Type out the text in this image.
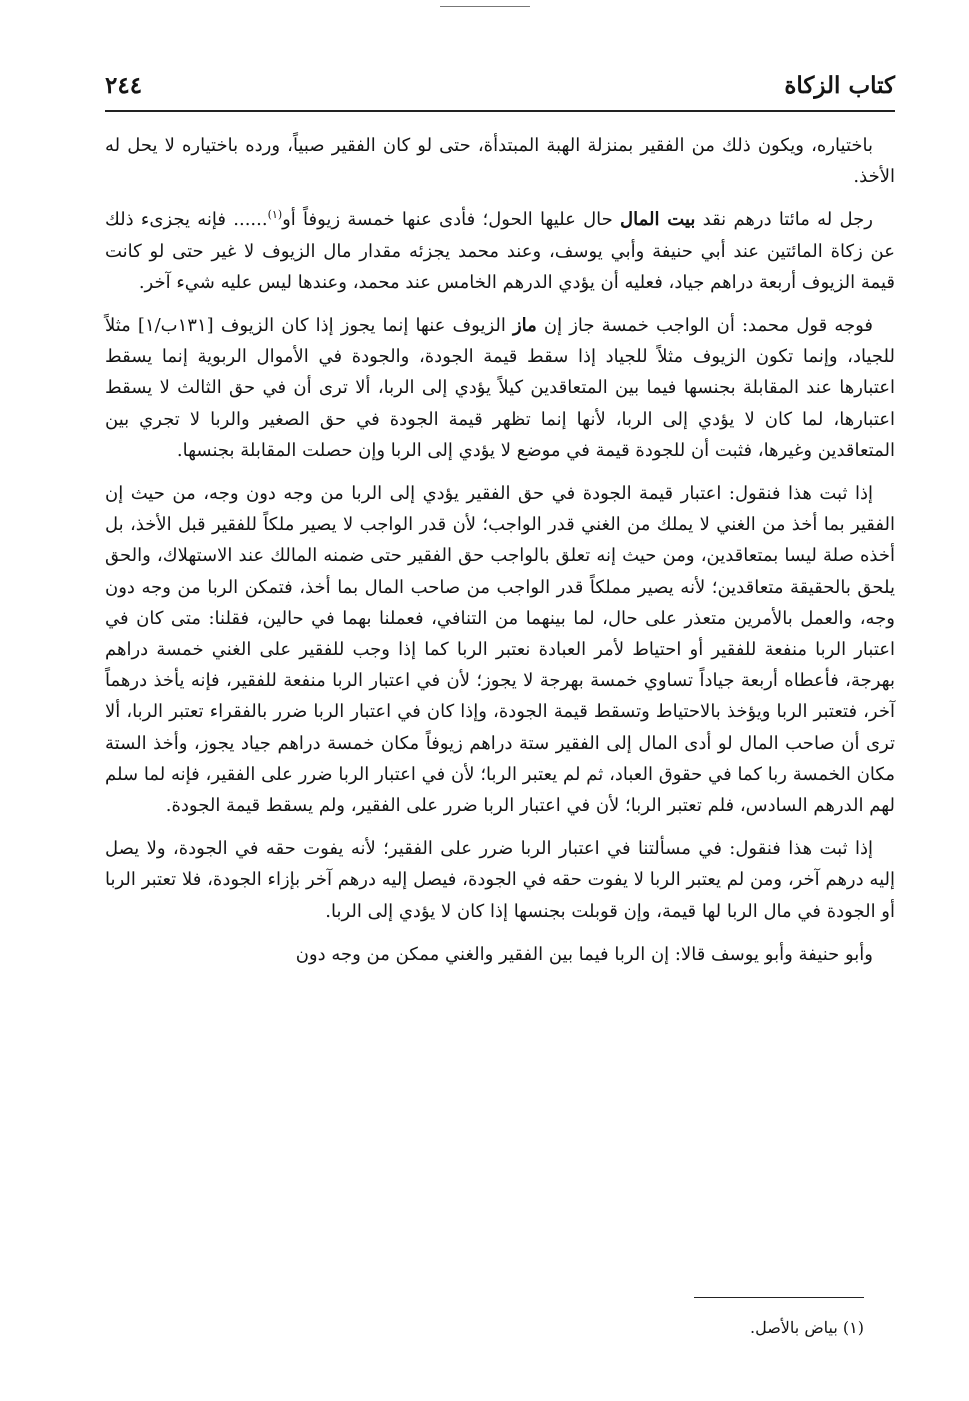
كتاب الزكاة
٢٤٤

باختياره، ويكون ذلك من الفقير بمنزلة الهبة المبتدأة، حتى لو كان الفقير صبياً، ورده باختياره لا يحل له الأخذ.

رجل له مائتا درهم نقد بيت المال حال عليها الحول؛ فأدى عنها خمسة زيوفاً أو$^{(١)}$...... فإنه يجزىء ذلك عن زكاة المائتين عند أبي حنيفة وأبي يوسف، وعند محمد يجزئه مقدار مال الزيوف لا غير حتى لو كانت قيمة الزيوف أربعة دراهم جياد، فعليه أن يؤدي الدرهم الخامس عند محمد، وعندها ليس عليه شيء آخر.

فوجه قول محمد: أن الواجب خمسة جاز إن ماز الزيوف عنها إنما يجوز إذا كان الزيوف [١٣١ب/١] مثلاً للجياد، وإنما تكون الزيوف مثلاً للجياد إذا سقط قيمة الجودة، والجودة في الأموال الربوية إنما يسقط اعتبارها عند المقابلة بجنسها فيما بين المتعاقدين كيلاً يؤدي إلى الربا، ألا ترى أن في حق الثالث لا يسقط اعتبارها، لما كان لا يؤدي إلى الربا، لأنها إنما تظهر قيمة الجودة في حق الصغير والربا لا تجري بين المتعاقدين وغيرها، فثبت أن للجودة قيمة في موضع لا يؤدي إلى الربا وإن حصلت المقابلة بجنسها.

إذا ثبت هذا فنقول: اعتبار قيمة الجودة في حق الفقير يؤدي إلى الربا من وجه دون وجه، من حيث إن الفقير بما أخذ من الغني لا يملك من الغني قدر الواجب؛ لأن قدر الواجب لا يصير ملكاً للفقير قبل الأخذ، بل أخذه صلة ليسا بمتعاقدين، ومن حيث إنه تعلق بالواجب حق الفقير حتى ضمنه المالك عند الاستهلاك، والحق يلحق بالحقيقة متعاقدين؛ لأنه يصير مملكاً قدر الواجب من صاحب المال بما أخذ، فتمكن الربا من وجه دون وجه، والعمل بالأمرين متعذر على حال، لما بينهما من التنافي، فعملنا بهما في حالين، فقلنا: متى كان في اعتبار الربا منفعة للفقير أو احتياط لأمر العبادة نعتبر الربا كما إذا وجب للفقير على الغني خمسة دراهم بهرجة، فأعطاه أربعة جياداً تساوي خمسة بهرجة لا يجوز؛ لأن في اعتبار الربا منفعة للفقير، فإنه يأخذ درهماً آخر، فتعتبر الربا ويؤخذ بالاحتياط وتسقط قيمة الجودة، وإذا كان في اعتبار الربا ضرر بالفقراء تعتبر الربا، ألا ترى أن صاحب المال لو أدى المال إلى الفقير ستة دراهم زيوفاً مكان خمسة دراهم جياد يجوز، وأخذ الستة مكان الخمسة ربا كما في حقوق العباد، ثم لم يعتبر الربا؛ لأن في اعتبار الربا ضرر على الفقير، فإنه لما سلم لهم الدرهم السادس، فلم تعتبر الربا؛ لأن في اعتبار الربا ضرر على الفقير، ولم يسقط قيمة الجودة.

إذا ثبت هذا فنقول: في مسألتنا في اعتبار الربا ضرر على الفقير؛ لأنه يفوت حقه في الجودة، ولا يصل إليه درهم آخر، ومن لم يعتبر الربا لا يفوت حقه في الجودة، فيصل إليه درهم آخر بإزاء الجودة، فلا تعتبر الربا أو الجودة في مال الربا لها قيمة، وإن قوبلت بجنسها إذا كان لا يؤدي إلى الربا.

وأبو حنيفة وأبو يوسف قالا: إن الربا فيما بين الفقير والغني ممكن من وجه دون

(١) بياض بالأصل.
